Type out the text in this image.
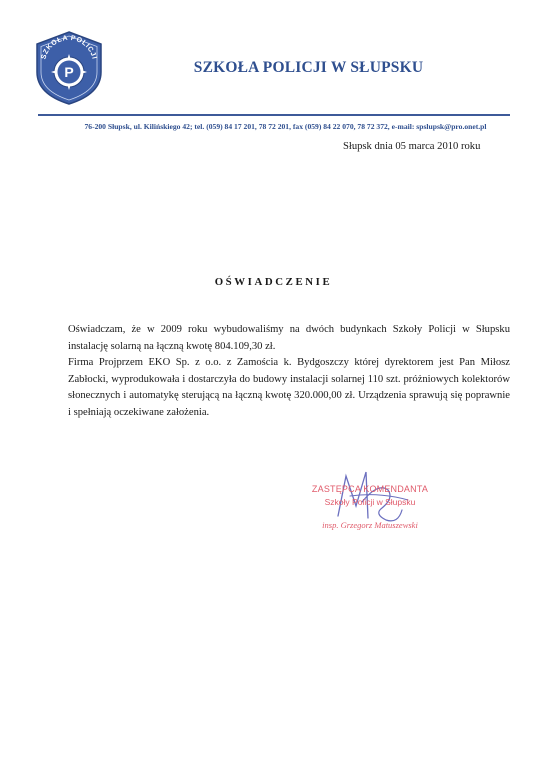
SZKOŁA POLICJI
P	SZKOŁA POLICJI W SŁUPSKU
76-200 Słupsk, ul. Kilińskiego 42; tel. (059) 84 17 201, 78 72 201, fax (059) 84 22 070, 78 72 372, e-mail: spslupsk@pro.onet.pl
Słupsk dnia 05 marca 2010 roku
OŚWIADCZENIE

Oświadczam, że w 2009 roku wybudowaliśmy na dwóch budynkach Szkoły Policji w Słupsku instalację solarną na łączną kwotę 804.109,30 zł.

Firma Projprzem EKO Sp. z o.o. z Zamościa k. Bydgoszczy której dyrektorem jest Pan Miłosz Zabłocki, wyprodukowała i dostarczyła do budowy instalacji solarnej 110 szt. próżniowych kolektorów słonecznych i automatykę sterującą na łączną kwotę 320.000,00 zł. Urządzenia sprawują się poprawnie i spełniają oczekiwane założenia.

ZASTĘPCA KOMENDANTA
Szkoły Policji w Słupsku
insp. Grzegorz Matuszewski
